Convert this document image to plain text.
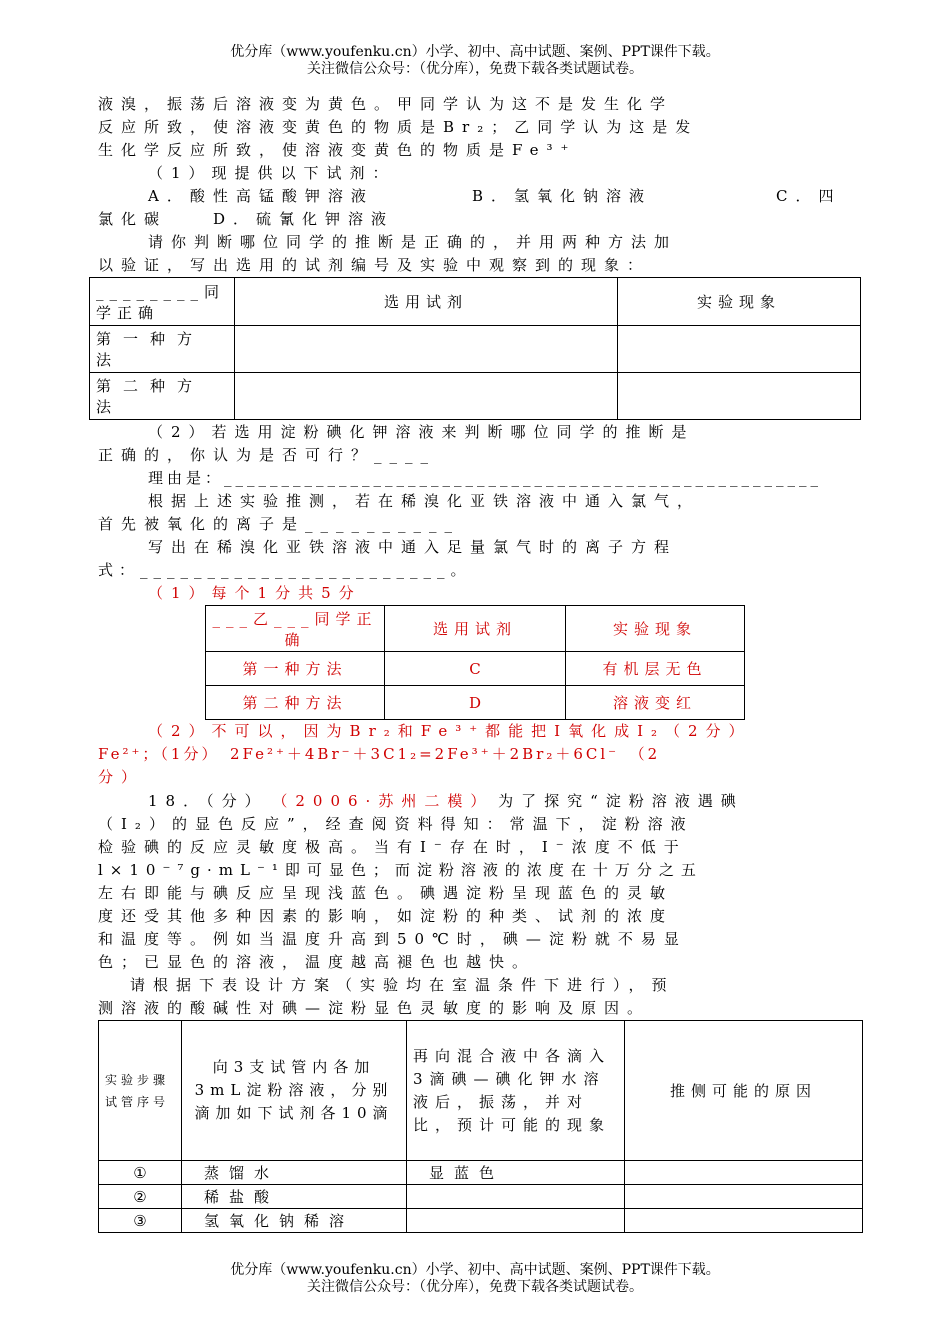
优分库（www.youfenku.cn）小学、初中、高中试题、案例、PPT课件下载。
关注微信公众号：（优分库），免费下载各类试题试卷。
液溴，振荡后溶液变为黄色。甲同学认为这不是发生化学
反应所致，使溶液变黄色的物质是Br₂；乙同学认为这是发
生化学反应所致，使溶液变黄色的物质是Fe³⁺
（1）现提供以下试剂：
A．酸性高锰酸钾溶液	B．氢氧化钠溶液	C．四
氯化碳　　D．硫氰化钾溶液
请你判断哪位同学的推断是正确的，并用两种方法加
以验证，写出选用的试剂编号及实验中观察到的现象：
________同学正确	选用试剂	实验现象
第一种方法		
第二种方法		
（2）若选用淀粉碘化钾溶液来判断哪位同学的推断是
正确的，你认为是否可行？____
理由是：____________________________________________________
根据上述实验推测，若在稀溴化亚铁溶液中通入氯气，
首先被氧化的离子是__________
写出在稀溴化亚铁溶液中通入足量氯气时的离子方程
式：_______________________。
（1）每个1分共5分
___乙___同学正确	选用试剂	实验现象
第一种方法	C	有机层无色
第二种方法	D	溶液变红
（2）不可以，因为Br₂和Fe³⁺都能把I氧化成I₂（2分）
Fe²⁺；（1分）　2Fe²⁺＋4Br⁻＋3C1₂=2Fe³⁺＋2Br₂＋6Cl⁻　（2
分）
18．（分） （2006·苏州二模） 为了探究“淀粉溶液遇碘
（I₂）的显色反应”，经查阅资料得知：常温下，淀粉溶液
检验碘的反应灵敏度极高。当有I⁻存在时，I⁻浓度不低于
l×10⁻⁷g·mL⁻¹即可显色；而淀粉溶液的浓度在十万分之五
左右即能与碘反应呈现浅蓝色。碘遇淀粉呈现蓝色的灵敏
度还受其他多种因素的影响，如淀粉的种类、试剂的浓度
和温度等。例如当温度升高到50℃时，碘—淀粉就不易显
色；已显色的溶液，温度越高褪色也越快。
请根据下表设计方案（实验均在室温条件下进行），预
测溶液的酸碱性对碘—淀粉显色灵敏度的影响及原因。
实验步骤试管序号	向3支试管内各加3mL淀粉溶液，分别滴加如下试剂各10滴	再向混合液中各滴入3滴碘—碘化钾水溶液后，振荡，并对比，预计可能的现象	推侧可能的原因
①	蒸馏水	显蓝色	
②	稀盐酸		
③	氢氧化钠稀溶		
优分库（www.youfenku.cn）小学、初中、高中试题、案例、PPT课件下载。
关注微信公众号：（优分库），免费下载各类试题试卷。
